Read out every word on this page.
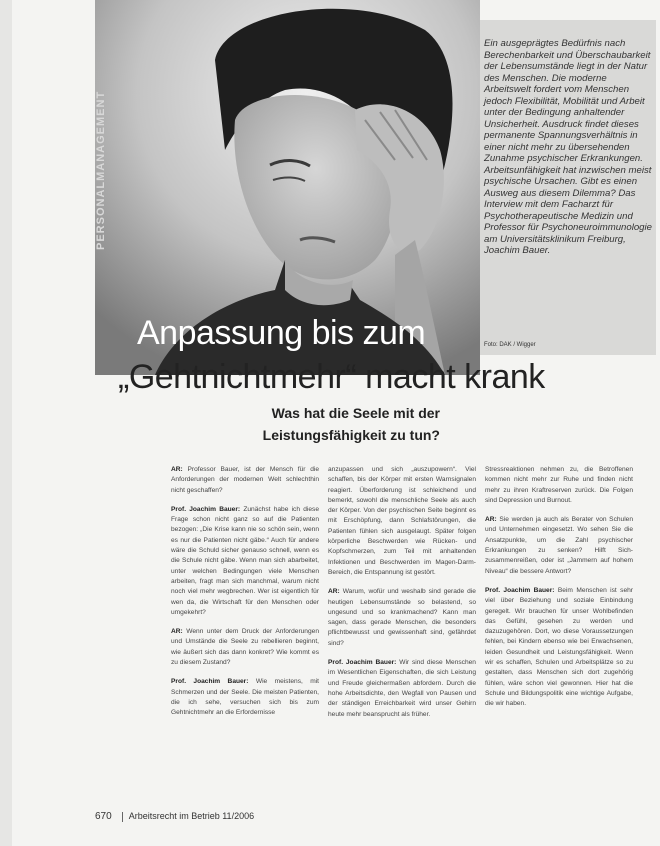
PERSONALMANAGEMENT
Ein ausgeprägtes Bedürfnis nach Berechenbarkeit und Überschaubarkeit der Lebensumstände liegt in der Natur des Menschen. Die moderne Arbeitswelt fordert vom Menschen jedoch Flexibilität, Mobilität und Arbeit unter der Bedingung anhaltender Unsicherheit. Ausdruck findet dieses permanente Spannungsverhältnis in einer nicht mehr zu übersehenden Zunahme psychischer Erkrankungen. Arbeitsunfähigkeit hat inzwischen meist psychische Ursachen. Gibt es einen Ausweg aus diesem Dilemma? Das Interview mit dem Facharzt für Psychotherapeutische Medizin und Professor für Psychoneuroimmunologie am Universitätsklinikum Freiburg, Joachim Bauer.
Foto: DAK / Wigger
Anpassung bis zum
„Gehtnichtmehr“ macht krank
Was hat die Seele mit der Leistungsfähigkeit zu tun?

AR: Professor Bauer, ist der Mensch für die Anforderungen der modernen Welt schlechthin nicht geschaffen?

Prof. Joachim Bauer: Zunächst habe ich diese Frage schon nicht ganz so auf die Patienten bezogen: „Die Krise kann nie so schön sein, wenn es nur die Patienten nicht gäbe.“ Auch für andere wäre die Schuld sicher genauso schnell, wenn es die Schule nicht gäbe. Wenn man sich abarbeitet, unter welchen Bedingungen viele Menschen arbeiten, fragt man sich manchmal, warum nicht noch viel mehr wegbrechen. Wer ist eigentlich für wen da, die Wirtschaft für den Menschen oder umgekehrt?

AR: Wenn unter dem Druck der Anforderungen und Umstände die Seele zu rebellieren beginnt, wie äußert sich das dann konkret? Wie kommt es zu diesem Zustand?

Prof. Joachim Bauer: Wie meistens, mit Schmerzen und der Seele. Die meisten Patienten, die ich sehe, versuchen sich bis zum Gehtnichtmehr an die Erfordernisse

anzupassen und sich „auszupowern“. Viel schaffen, bis der Körper mit ersten Warnsignalen reagiert. Überforderung ist schleichend und bemerkt, sowohl die menschliche Seele als auch der Körper. Von der psychischen Seite beginnt es mit Erschöpfung, dann Schlafstörungen, die Patienten fühlen sich ausgelaugt. Später folgen körperliche Beschwerden wie Rücken- und Kopfschmerzen, zum Teil mit anhaltenden Infektionen und Beschwerden im Magen-Darm-Bereich, die Entspannung ist gestört.

AR: Warum, wofür und weshalb sind gerade die heutigen Lebensumstände so belastend, so ungesund und so krankmachend? Kann man sagen, dass gerade Menschen, die besonders pflichtbewusst und gewissenhaft sind, gefährdet sind?

Prof. Joachim Bauer: Wir sind diese Menschen im Wesentlichen Eigenschaften, die sich Leistung und Freude gleichermaßen abfordern. Durch die hohe Arbeitsdichte, den Wegfall von Pausen und der ständigen Erreichbarkeit wird unser Gehirn heute mehr beansprucht als früher.

Stressreaktionen nehmen zu, die Betroffenen kommen nicht mehr zur Ruhe und finden nicht mehr zu ihren Kraftreserven zurück. Die Folgen sind Depression und Burnout.

AR: Sie werden ja auch als Berater von Schulen und Unternehmen eingesetzt. Wo sehen Sie die Ansatzpunkte, um die Zahl psychischer Erkrankungen zu senken? Hilft Sich-zusammenreißen, oder ist „Jammern auf hohem Niveau“ die bessere Antwort?

Prof. Joachim Bauer: Beim Menschen ist sehr viel über Beziehung und soziale Einbindung geregelt. Wir brauchen für unser Wohlbefinden das Gefühl, gesehen zu werden und dazuzugehören. Dort, wo diese Voraussetzungen fehlen, bei Kindern ebenso wie bei Erwachsenen, leiden Gesundheit und Leistungsfähigkeit. Wenn wir es schaffen, Schulen und Arbeitsplätze so zu gestalten, dass Menschen sich dort zugehörig fühlen, wäre schon viel gewonnen. Hier hat die Schule und Bildungspolitik eine wichtige Aufgabe, die wir haben.

670 Arbeitsrecht im Betrieb 11/2006
